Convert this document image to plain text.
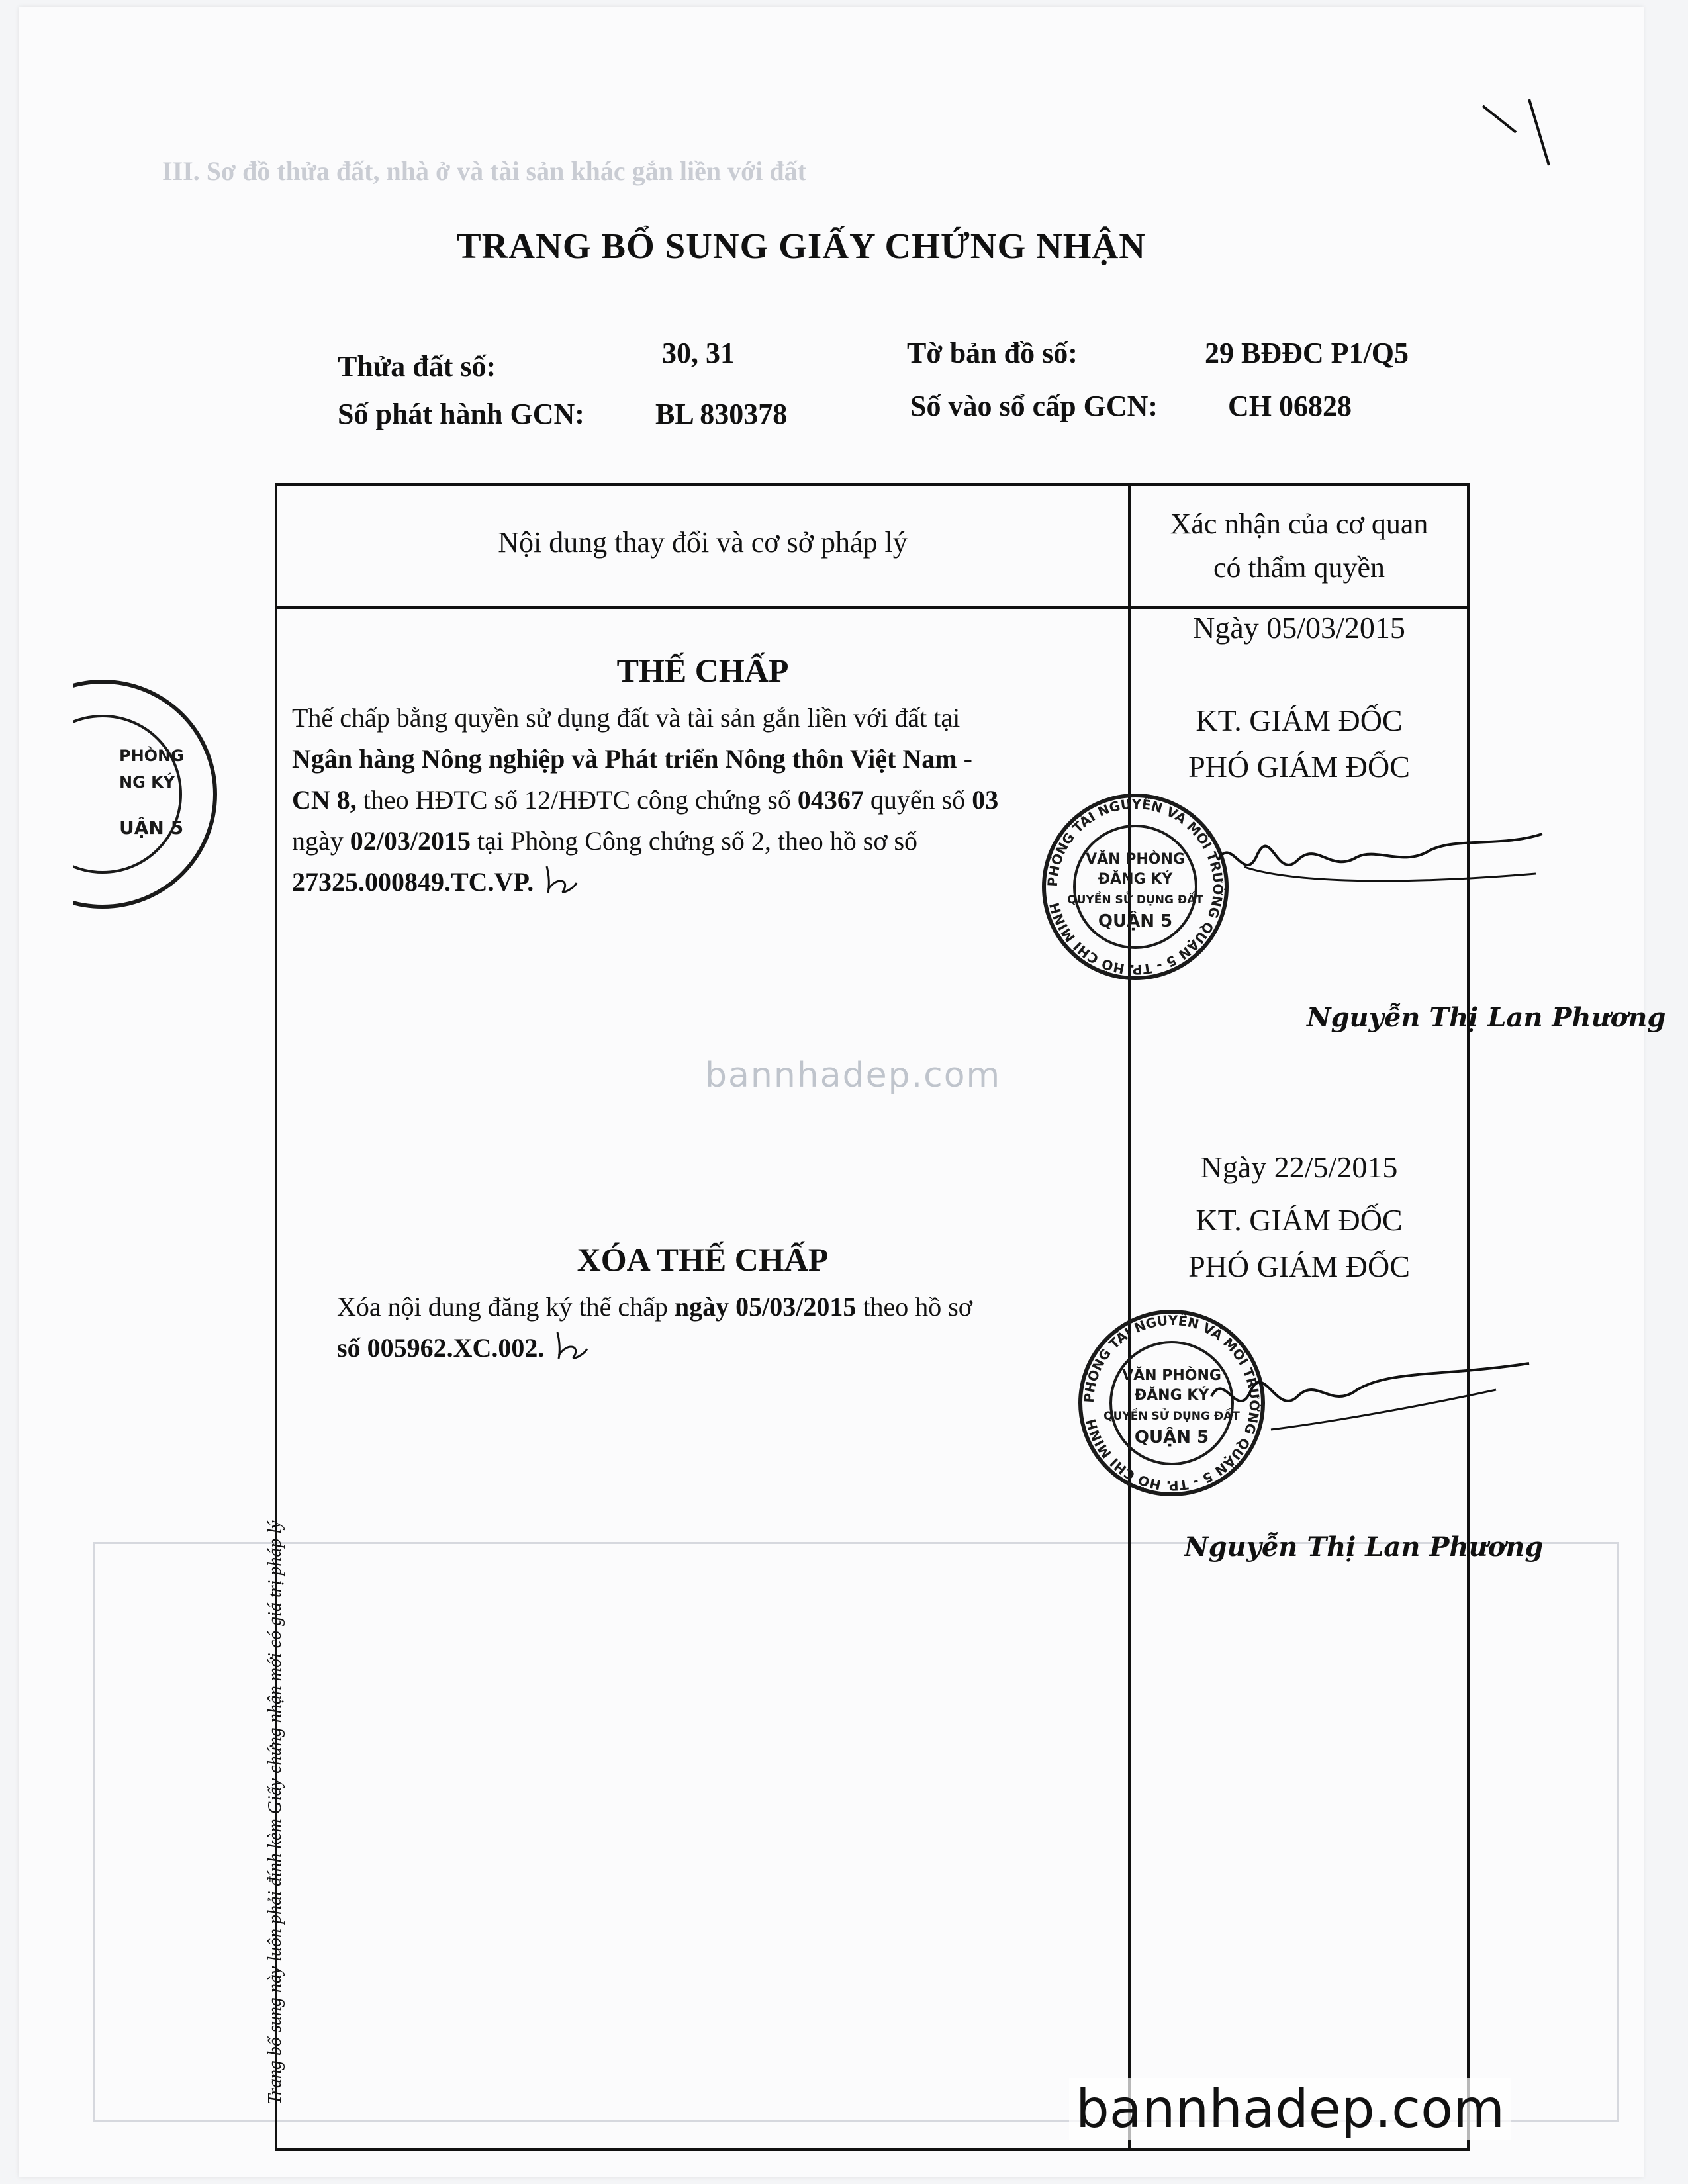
III. Sơ đồ thửa đất, nhà ở và tài sản khác gắn liền với đất
TRANG BỔ SUNG GIẤY CHỨNG NHẬN
Thửa đất số:	30, 31	Tờ bản đồ số:	29 BĐĐC P1/Q5
Số phát hành GCN: BL 830378	Số vào sổ cấp GCN: CH 06828
Nội dung thay đổi và cơ sở pháp lý
Xác nhận của cơ quan
có thẩm quyền
THẾ CHẤP
Thế chấp bằng quyền sử dụng đất và tài sản gắn liền với đất tại
Ngân hàng Nông nghiệp và Phát triển Nông thôn Việt Nam -
CN 8, theo HĐTC số 12/HĐTC công chứng số 04367 quyển số 03
ngày 02/03/2015 tại Phòng Công chứng số 2, theo hồ sơ số
27325.000849.TC.VP.
Ngày 05/03/2015
KT. GIÁM ĐỐC
PHÓ GIÁM ĐỐC
Nguyễn Thị Lan Phương
XÓA THẾ CHẤP
Xóa nội dung đăng ký thế chấp ngày 05/03/2015 theo hồ sơ
số 005962.XC.002.
Ngày 22/5/2015
KT. GIÁM ĐỐC
PHÓ GIÁM ĐỐC
Nguyễn Thị Lan Phương
PHÒNG
NG KÝ
UẬN 5
PHÒNG TÀI NGUYÊN VÀ MÔI TRƯỜNG QUẬN 5 - TP. HỒ CHÍ MINH
VĂN PHÒNG
ĐĂNG KÝ
QUYỀN SỬ DỤNG ĐẤT
QUẬN 5
PHÒNG TÀI NGUYÊN VÀ MÔI TRƯỜNG QUẬN 5 - TP. HỒ CHÍ MINH
VĂN PHÒNG
ĐĂNG KÝ
QUYỀN SỬ DỤNG ĐẤT
QUẬN 5
Trang bổ sung này luôn phải đính kèm Giấy chứng nhận mới có giá trị pháp lý
bannhadep.com
bannhadep.com
